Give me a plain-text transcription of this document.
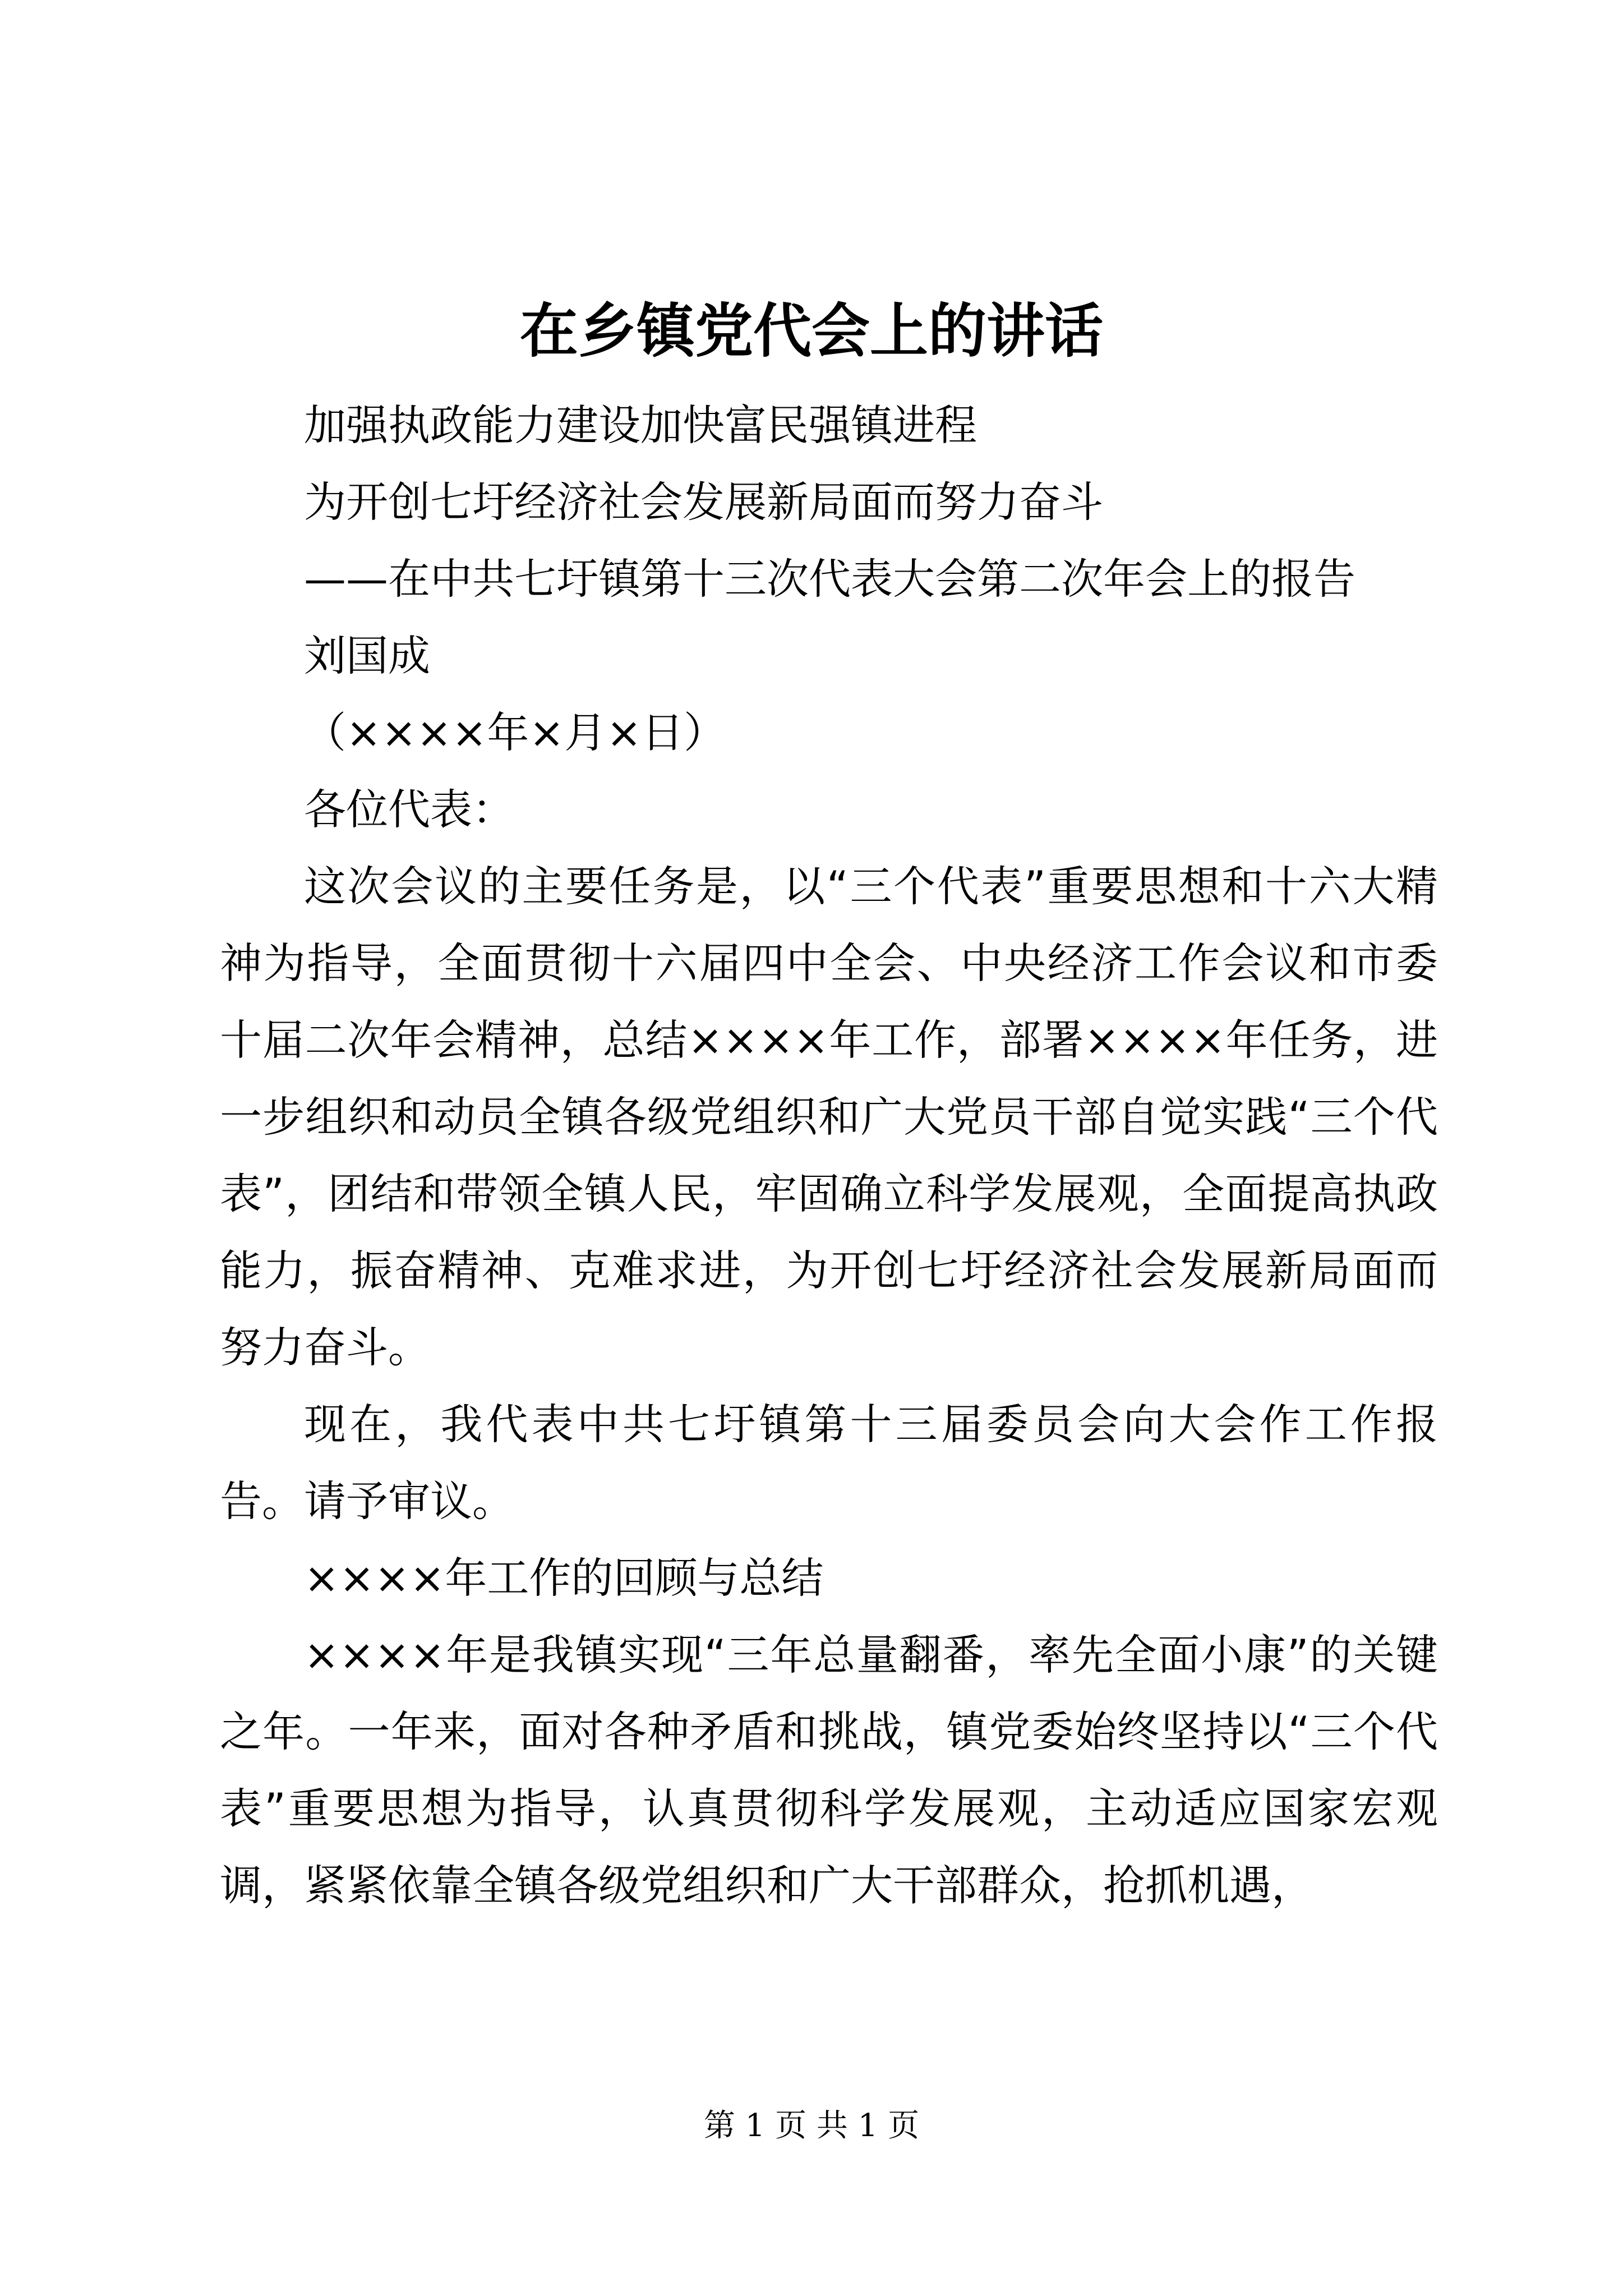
在乡镇党代会上的讲话

加强执政能力建设加快富民强镇进程

为开创七圩经济社会发展新局面而努力奋斗

——在中共七圩镇第十三次代表大会第二次年会上的报告

刘国成

（××××年×月×日）

各位代表：

这次会议的主要任务是，以“三个代表”重要思想和十六大精神为指导，全面贯彻十六届四中全会、中央经济工作会议和市委十届二次年会精神，总结××××年工作，部署××××年任务，进一步组织和动员全镇各级党组织和广大党员干部自觉实践“三个代表”，团结和带领全镇人民，牢固确立科学发展观，全面提高执政能力，振奋精神、克难求进，为开创七圩经济社会发展新局面而努力奋斗。

现在，我代表中共七圩镇第十三届委员会向大会作工作报告。请予审议。

××××年工作的回顾与总结

××××年是我镇实现“三年总量翻番，率先全面小康”的关键之年。一年来，面对各种矛盾和挑战，镇党委始终坚持以“三个代表”重要思想为指导，认真贯彻科学发展观，主动适应国家宏观调，紧紧依靠全镇各级党组织和广大干部群众，抢抓机遇，

第 1 页 共 1 页
